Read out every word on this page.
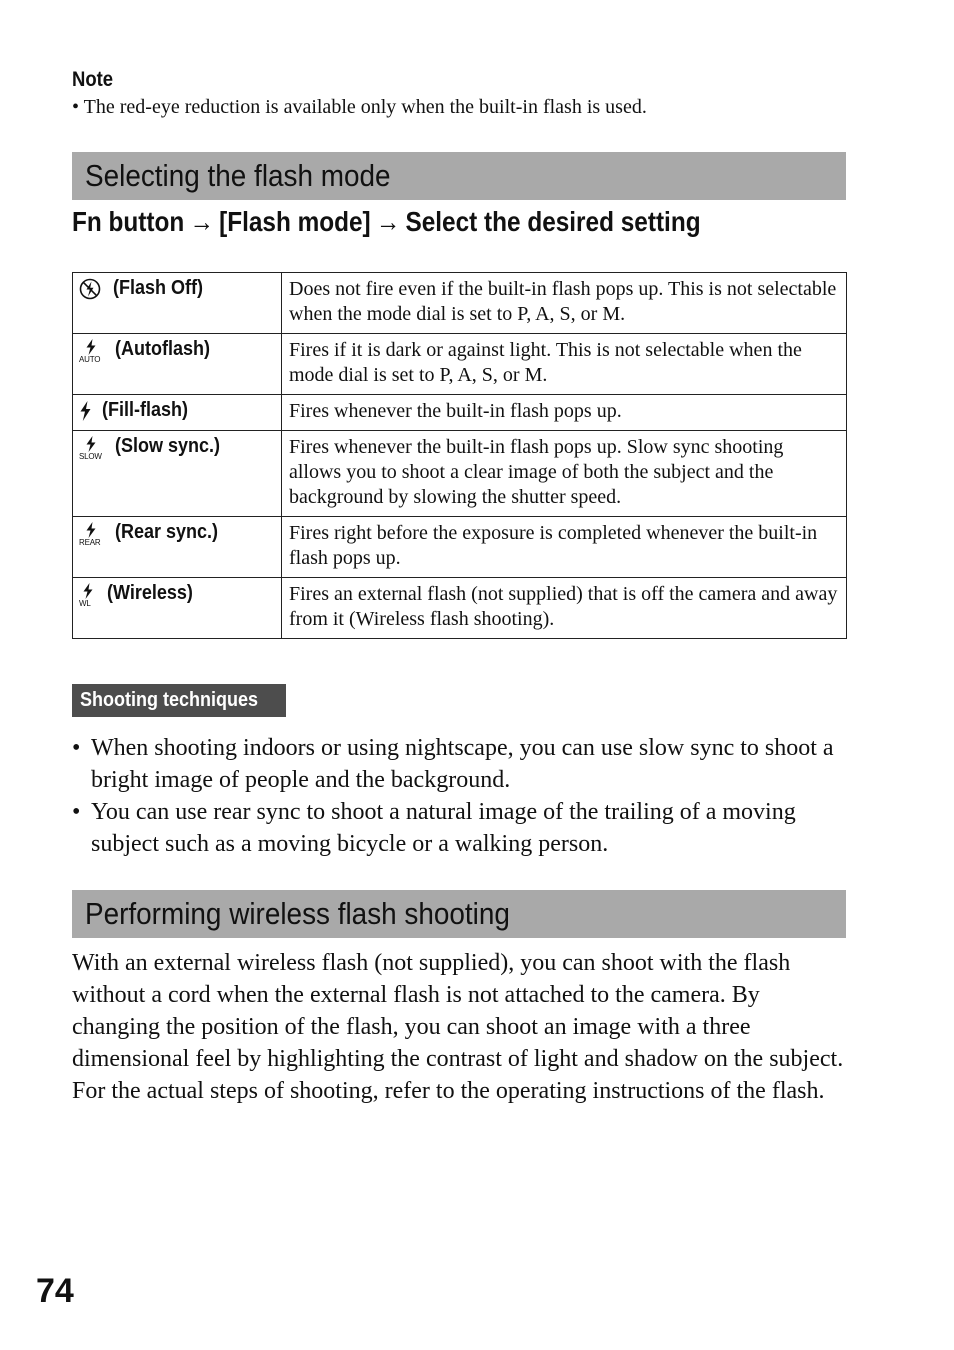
Note
• The red-eye reduction is available only when the built-in flash is used.
Selecting the flash mode
Fn button → [Flash mode] → Select the desired setting
(Flash Off)	Does not fire even if the built-in flash pops up. This is not selectable when the mode dial is set to P, A, S, or M.

AUTO (Autoflash)	Fires if it is dark or against light. This is not selectable when the mode dial is set to P, A, S, or M.

(Fill-flash)	Fires whenever the built-in flash pops up.

SLOW (Slow sync.)	Fires whenever the built-in flash pops up. Slow sync shooting allows you to shoot a clear image of both the subject and the background by slowing the shutter speed.

REAR (Rear sync.)	Fires right before the exposure is completed whenever the built-in flash pops up.

WL (Wireless)	Fires an external flash (not supplied) that is off the camera and away from it (Wireless flash shooting).
Shooting techniques
• When shooting indoors or using nightscape, you can use slow sync to shoot a bright image of people and the background.
• You can use rear sync to shoot a natural image of the trailing of a moving subject such as a moving bicycle or a walking person.
Performing wireless flash shooting

With an external wireless flash (not supplied), you can shoot with the flash without a cord when the external flash is not attached to the camera. By changing the position of the flash, you can shoot an image with a three dimensional feel by highlighting the contrast of light and shadow on the subject.

For the actual steps of shooting, refer to the operating instructions of the flash.

74
